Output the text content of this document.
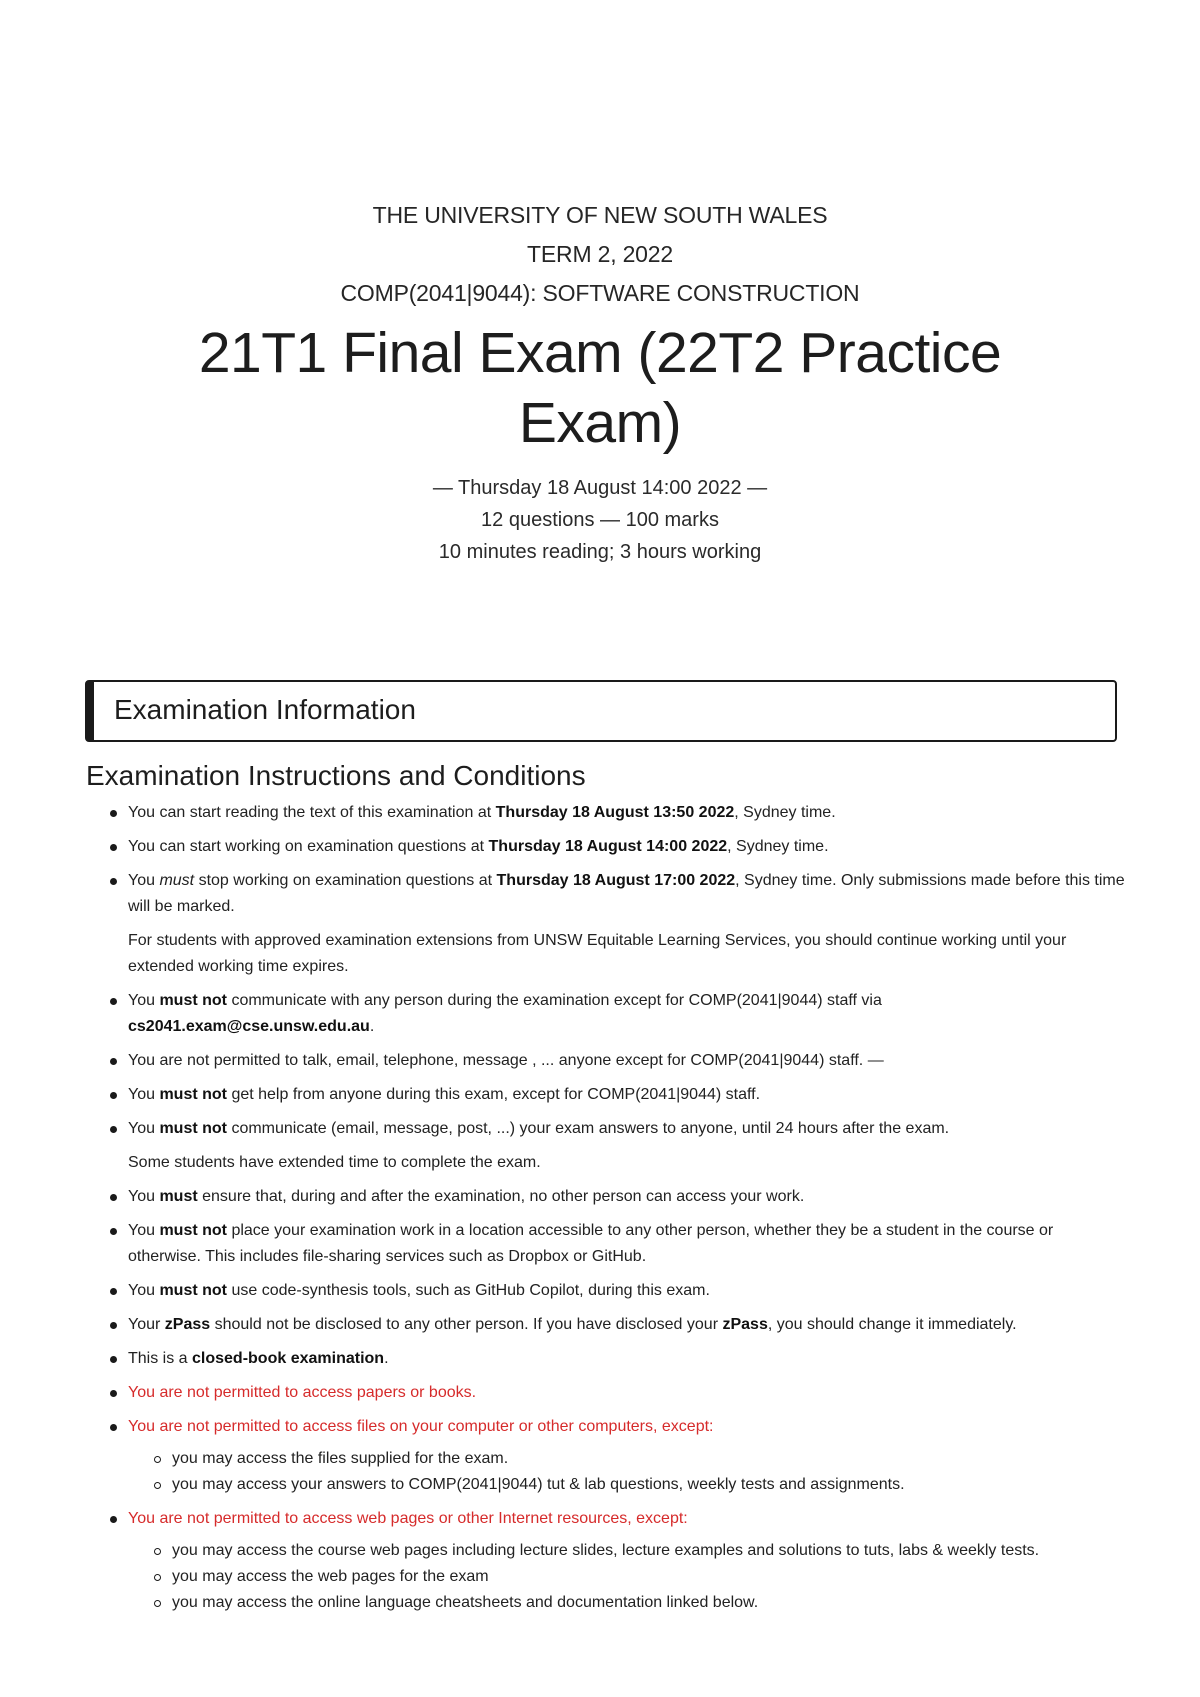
THE UNIVERSITY OF NEW SOUTH WALES
TERM 2, 2022
COMP(2041|9044): SOFTWARE CONSTRUCTION
21T1 Final Exam (22T2 Practice Exam)
— Thursday 18 August 14:00 2022 —
12 questions — 100 marks
10 minutes reading; 3 hours working
Examination Information
Examination Instructions and Conditions

You can start reading the text of this examination at Thursday 18 August 13:50 2022, Sydney time.

You can start working on examination questions at Thursday 18 August 14:00 2022, Sydney time.

You must stop working on examination questions at Thursday 18 August 17:00 2022, Sydney time. Only submissions made before this time will be marked.

For students with approved examination extensions from UNSW Equitable Learning Services, you should continue working until your extended working time expires.

You must not communicate with any person during the examination except for COMP(2041|9044) staff via cs2041.exam@cse.unsw.edu.au.

You are not permitted to talk, email, telephone, message , ... anyone except for COMP(2041|9044) staff. —

You must not get help from anyone during this exam, except for COMP(2041|9044) staff.

You must not communicate (email, message, post, ...) your exam answers to anyone, until 24 hours after the exam.

Some students have extended time to complete the exam.

You must ensure that, during and after the examination, no other person can access your work.

You must not place your examination work in a location accessible to any other person, whether they be a student in the course or otherwise. This includes file-sharing services such as Dropbox or GitHub.

You must not use code-synthesis tools, such as GitHub Copilot, during this exam.

Your zPass should not be disclosed to any other person. If you have disclosed your zPass, you should change it immediately.

This is a closed-book examination.

You are not permitted to access papers or books.

You are not permitted to access files on your computer or other computers, except:

you may access the files supplied for the exam.
you may access your answers to COMP(2041|9044) tut & lab questions, weekly tests and assignments.

You are not permitted to access web pages or other Internet resources, except:

you may access the course web pages including lecture slides, lecture examples and solutions to tuts, labs & weekly tests.
you may access the web pages for the exam
you may access the online language cheatsheets and documentation linked below.
